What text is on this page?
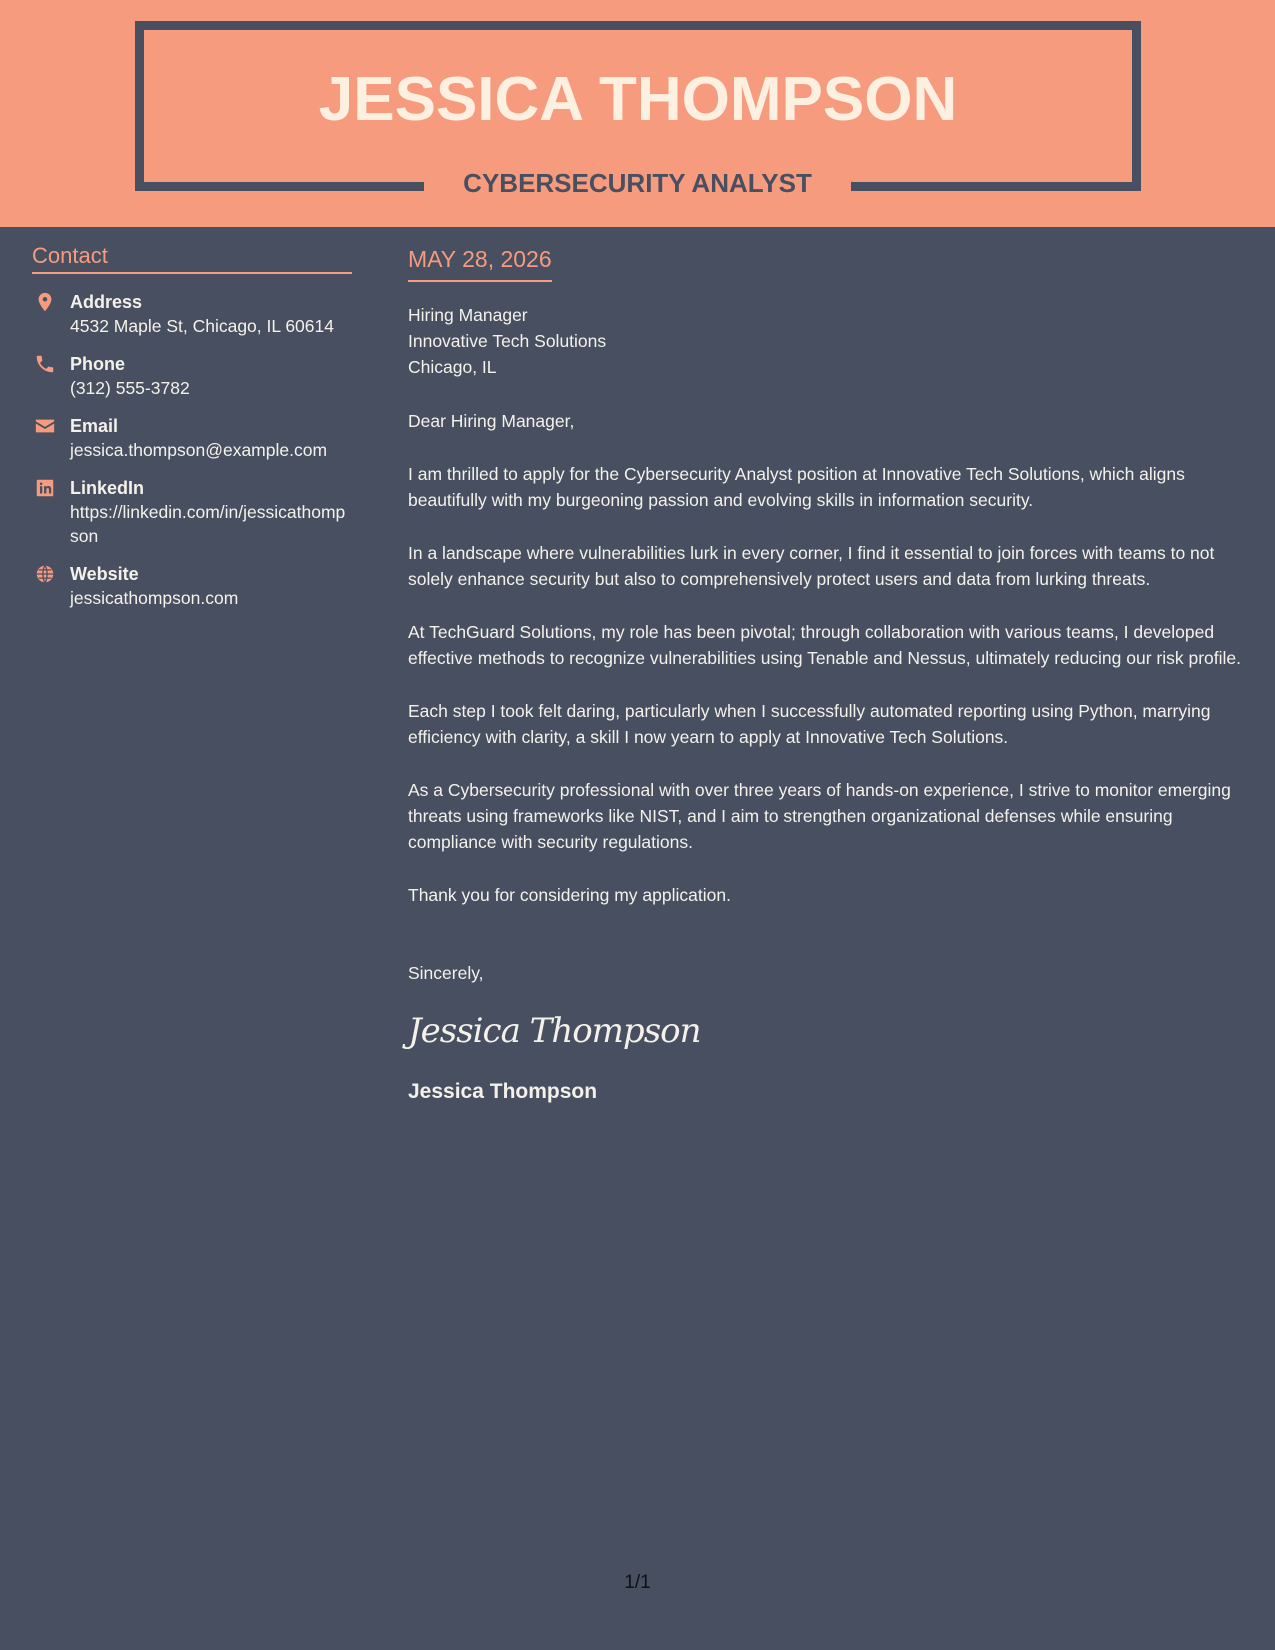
JESSICA THOMPSON
CYBERSECURITY ANALYST
Contact
Address
4532 Maple St, Chicago, IL 60614
Phone
(312) 555-3782
Email
jessica.thompson@example.com
LinkedIn
https://linkedin.com/in/jessicathompson
Website
jessicathompson.com
MAY 28, 2026
Hiring Manager
Innovative Tech Solutions
Chicago, IL
Dear Hiring Manager,
I am thrilled to apply for the Cybersecurity Analyst position at Innovative Tech Solutions, which aligns beautifully with my burgeoning passion and evolving skills in information security.
In a landscape where vulnerabilities lurk in every corner, I find it essential to join forces with teams to not solely enhance security but also to comprehensively protect users and data from lurking threats.
At TechGuard Solutions, my role has been pivotal; through collaboration with various teams, I developed effective methods to recognize vulnerabilities using Tenable and Nessus, ultimately reducing our risk profile.
Each step I took felt daring, particularly when I successfully automated reporting using Python, marrying efficiency with clarity, a skill I now yearn to apply at Innovative Tech Solutions.
As a Cybersecurity professional with over three years of hands-on experience, I strive to monitor emerging threats using frameworks like NIST, and I aim to strengthen organizational defenses while ensuring compliance with security regulations.
Thank you for considering my application.
Sincerely,
Jessica Thompson
Jessica Thompson
1/1
